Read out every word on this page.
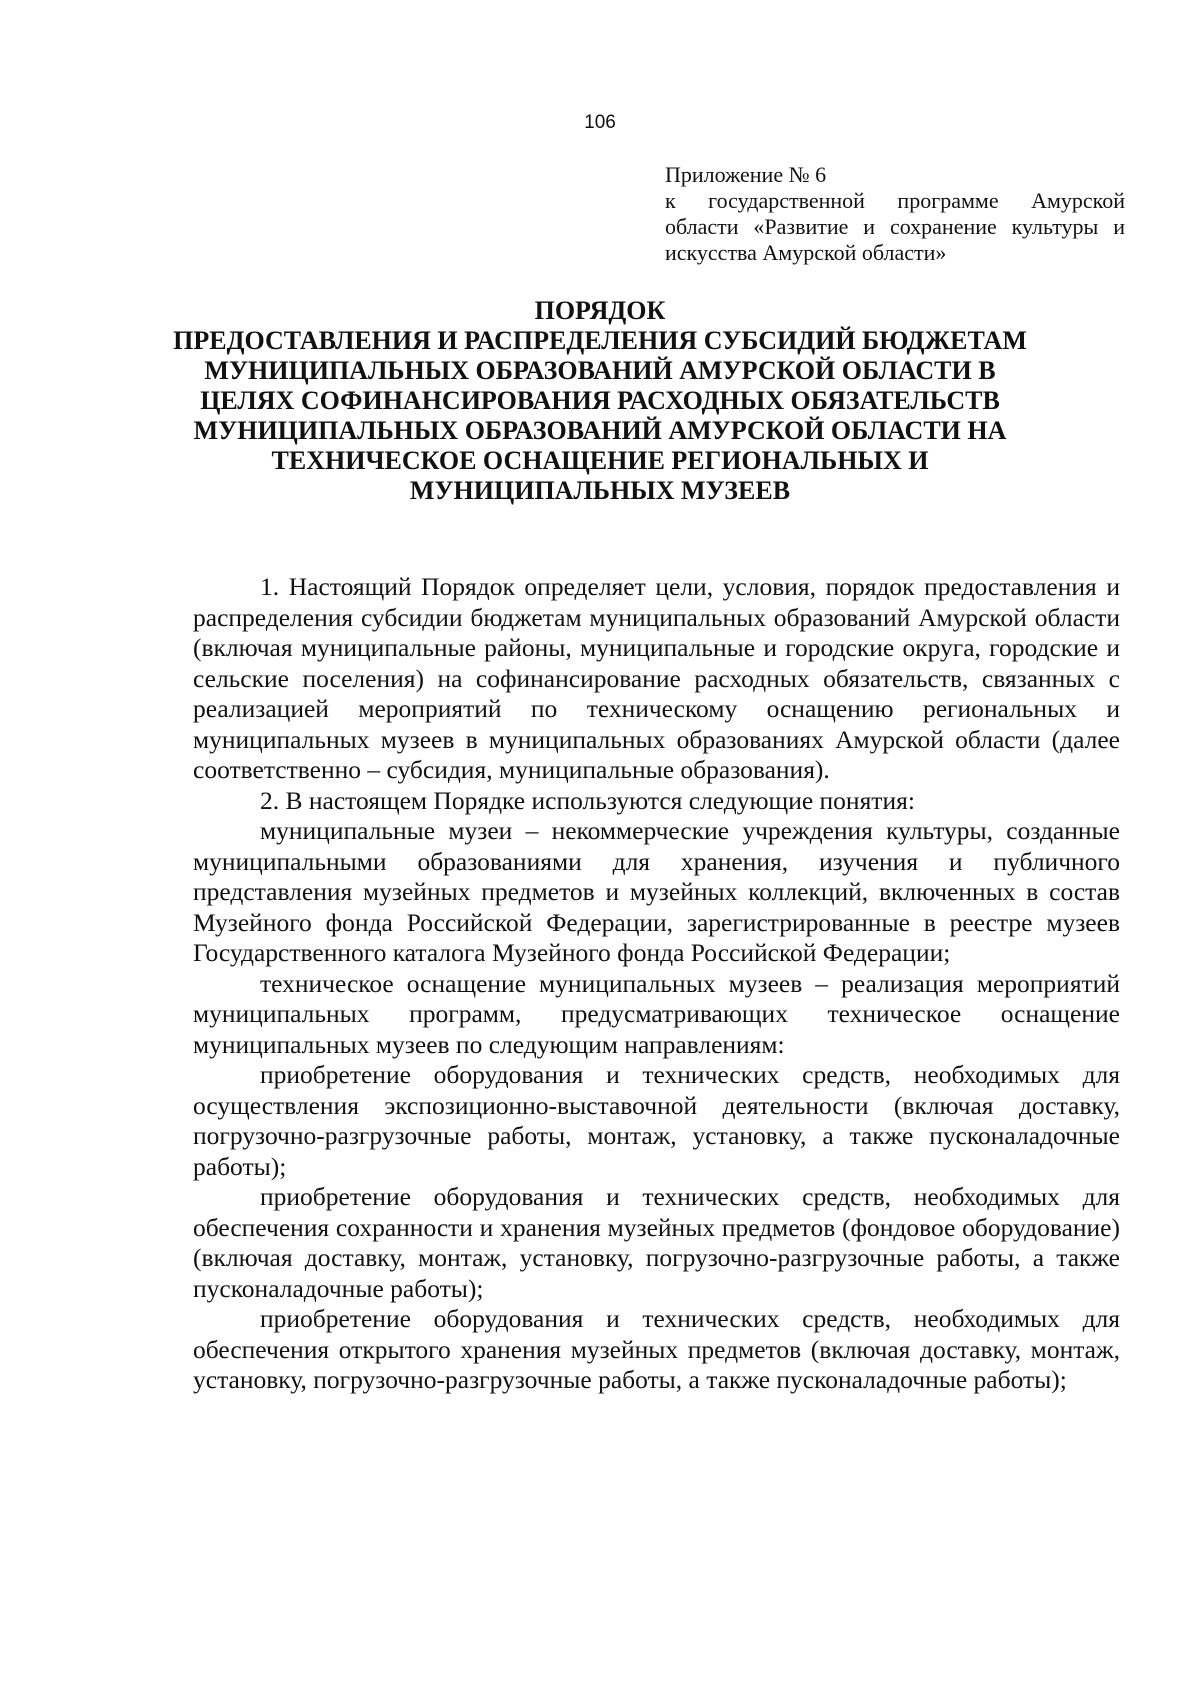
106
Приложение № 6
к государственной программе Амурской
области «Развитие и сохранение культуры и
искусства Амурской области»
ПОРЯДОК
ПРЕДОСТАВЛЕНИЯ И РАСПРЕДЕЛЕНИЯ СУБСИДИЙ БЮДЖЕТАМ
МУНИЦИПАЛЬНЫХ ОБРАЗОВАНИЙ АМУРСКОЙ ОБЛАСТИ В
ЦЕЛЯХ СОФИНАНСИРОВАНИЯ РАСХОДНЫХ ОБЯЗАТЕЛЬСТВ
МУНИЦИПАЛЬНЫХ ОБРАЗОВАНИЙ АМУРСКОЙ ОБЛАСТИ НА
ТЕХНИЧЕСКОЕ ОСНАЩЕНИЕ РЕГИОНАЛЬНЫХ И
МУНИЦИПАЛЬНЫХ МУЗЕЕВ

1. Настоящий Порядок определяет цели, условия, порядок предоставления и распределения субсидии бюджетам муниципальных образований Амурской области (включая муниципальные районы, муниципальные и городские округа, городские и сельские поселения) на софинансирование расходных обязательств, связанных с реализацией мероприятий по техническому оснащению региональных и муниципальных музеев в муниципальных образованиях Амурской области (далее соответственно – субсидия, муниципальные образования).

2. В настоящем Порядке используются следующие понятия:

муниципальные музеи – некоммерческие учреждения культуры, созданные муниципальными образованиями для хранения, изучения и публичного представления музейных предметов и музейных коллекций, включенных в состав Музейного фонда Российской Федерации, зарегистрированные в реестре музеев Государственного каталога Музейного фонда Российской Федерации;

техническое оснащение муниципальных музеев – реализация мероприятий муниципальных программ, предусматривающих техническое оснащение муниципальных музеев по следующим направлениям:

приобретение оборудования и технических средств, необходимых для осуществления экспозиционно-выставочной деятельности (включая доставку, погрузочно-разгрузочные работы, монтаж, установку, а также пусконаладочные работы);

приобретение оборудования и технических средств, необходимых для обеспечения сохранности и хранения музейных предметов (фондовое оборудование) (включая доставку, монтаж, установку, погрузочно-разгрузочные работы, а также пусконаладочные работы);

приобретение оборудования и технических средств, необходимых для обеспечения открытого хранения музейных предметов (включая доставку, монтаж, установку, погрузочно-разгрузочные работы, а также пусконаладочные работы);
